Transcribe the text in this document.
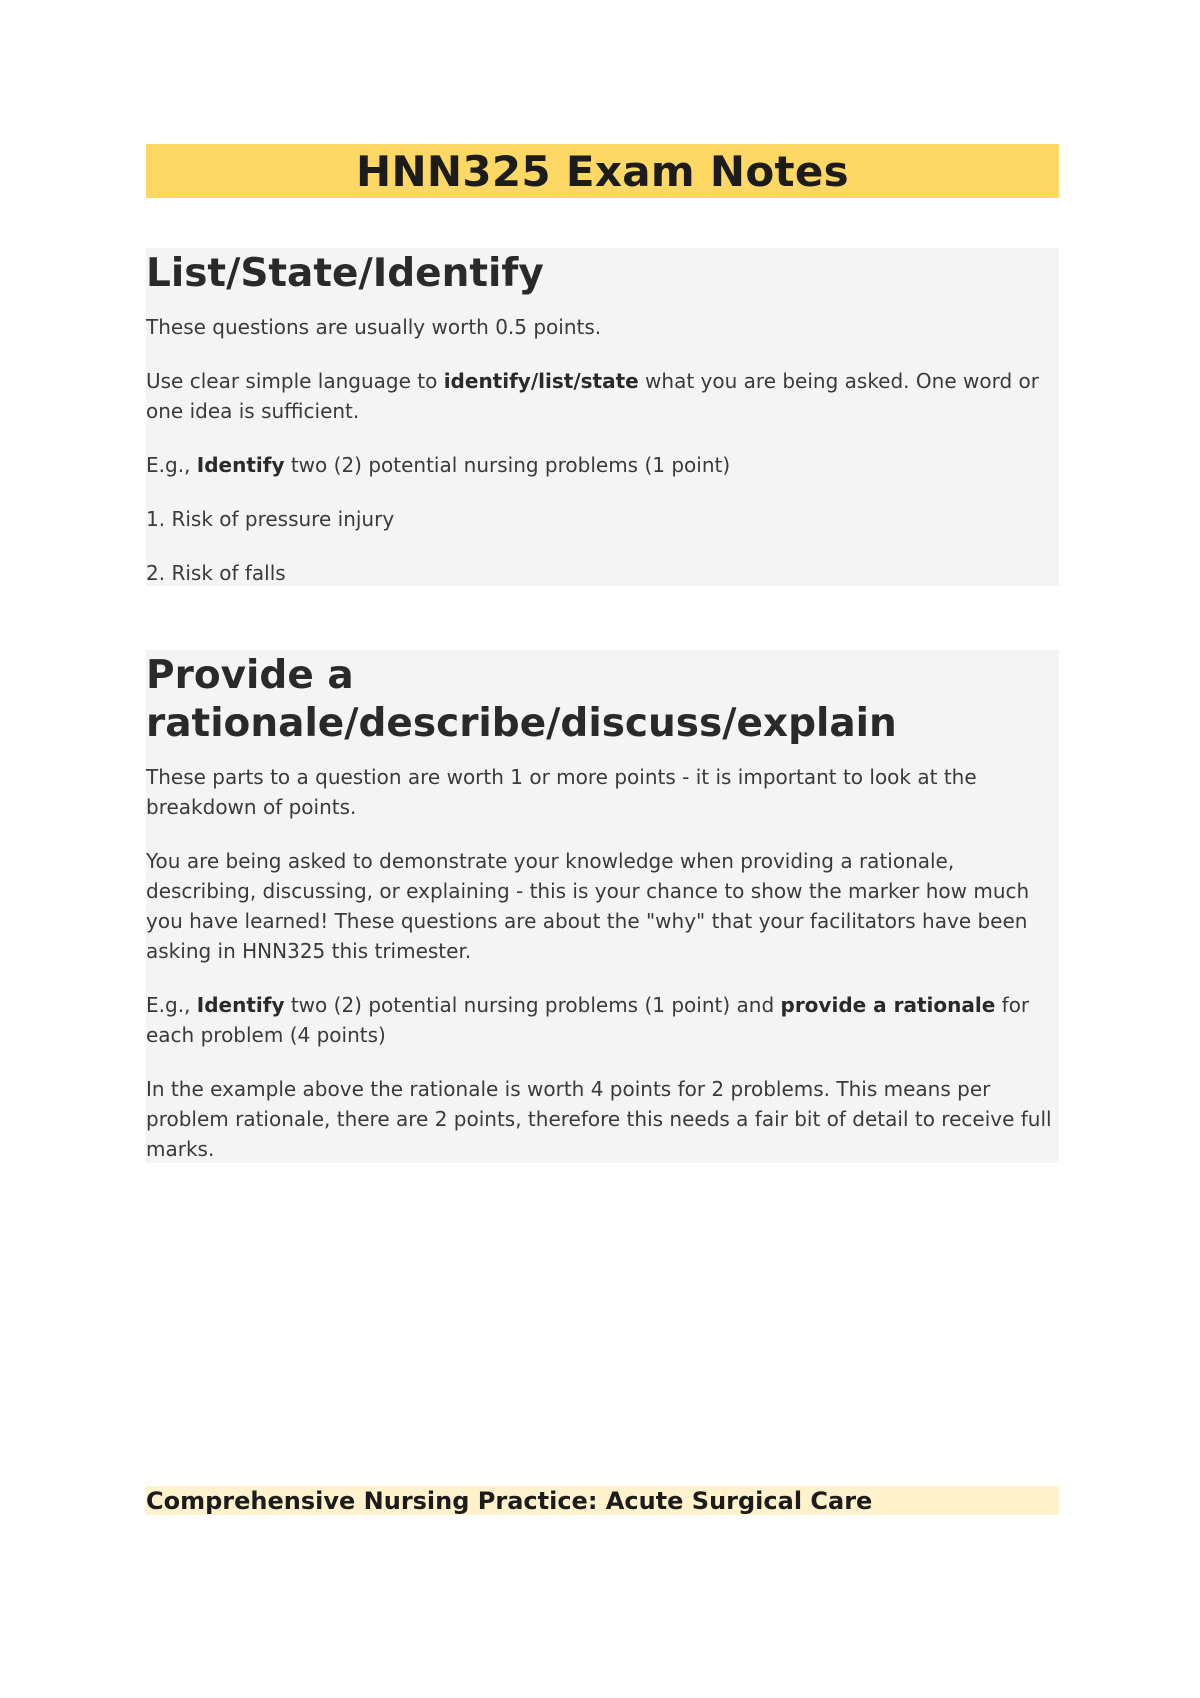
HNN325 Exam Notes
List/State/Identify

These questions are usually worth 0.5 points.

Use clear simple language to identify/list/state what you are being asked. One word or one idea is sufficient.

E.g., Identify two (2) potential nursing problems (1 point)

1. Risk of pressure injury

2. Risk of falls

Provide a
rationale/describe/discuss/explain

These parts to a question are worth 1 or more points - it is important to look at the breakdown of points.

You are being asked to demonstrate your knowledge when providing a rationale, describing, discussing, or explaining - this is your chance to show the marker how much you have learned! These questions are about the "why" that your facilitators have been asking in HNN325 this trimester.

E.g., Identify two (2) potential nursing problems (1 point) and provide a rationale for each problem (4 points)

In the example above the rationale is worth 4 points for 2 problems. This means per problem rationale, there are 2 points, therefore this needs a fair bit of detail to receive full marks.

Comprehensive Nursing Practice: Acute Surgical Care
